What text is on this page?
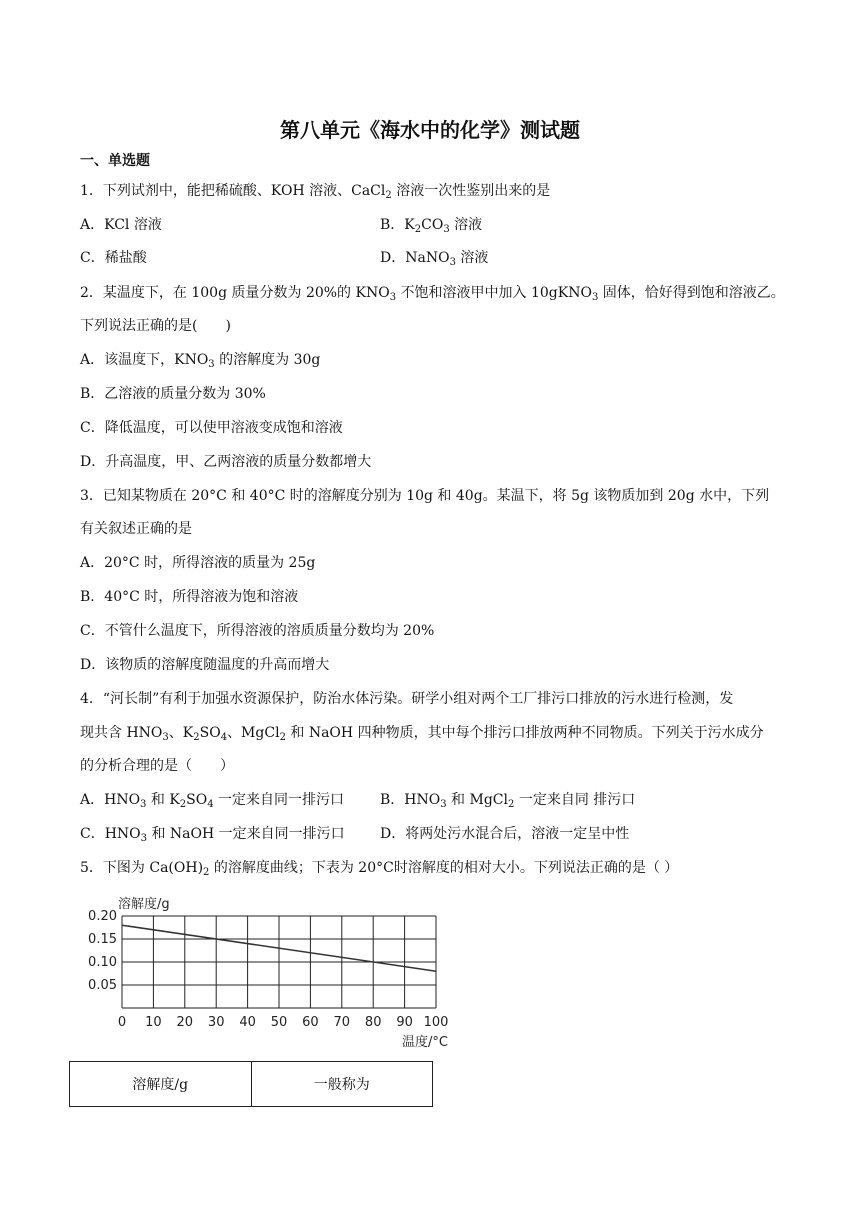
第八单元《海水中的化学》测试题
一、单选题
1．下列试剂中，能把稀硫酸、KOH 溶液、CaCl$_2$ 溶液一次性鉴别出来的是
A．KCl 溶液	B．$K_2CO_3$ 溶液
C．稀盐酸	D．NaNO$_3$ 溶液
2．某温度下，在 100g 质量分数为 20%的 $KNO_3$ 不饱和溶液甲中加入 10gKNO$_3$ 固体，恰好得到饱和溶液乙。
下列说法正确的是(　　)
A．该温度下，$KNO_3$ 的溶解度为 30g
B．乙溶液的质量分数为 30%
C．降低温度，可以使甲溶液变成饱和溶液
D．升高温度，甲、乙两溶液的质量分数都增大
3．已知某物质在 20°C 和 40°C 时的溶解度分别为 10g 和 40g。某温下，将 5g 该物质加到 20g 水中，下列
有关叙述正确的是
A．20°C 时，所得溶液的质量为 25g
B．40°C 时，所得溶液为饱和溶液
C．不管什么温度下，所得溶液的溶质质量分数均为 20%
D．该物质的溶解度随温度的升高而增大
4．“河长制”有利于加强水资源保护，防治水体污染。研学小组对两个工厂排污口排放的污水进行检测，发
现共含 $HNO_3$、$K_2SO_4$、MgCl$_2$ 和 NaOH 四种物质，其中每个排污口排放两种不同物质。下列关于污水成分
的分析合理的是（　　）
A．$HNO_3$ 和 $K_2SO_4$ 一定来自同一排污口	B．$HNO_3$ 和 MgCl$_2$ 一定来自同 排污口
C．$HNO_3$ 和 NaOH 一定来自同一排污口	D．将两处污水混合后，溶液一定呈中性
5．下图为 $Ca(OH)_2$ 的溶解度曲线；下表为 20°C时溶解度的相对大小。下列说法正确的是（ ）
0.05
0.10
0.15
0.20
0 10 20 30 40 50 60 70 80 90 100
溶解度/g
温度/°C
溶解度/g	一般称为
